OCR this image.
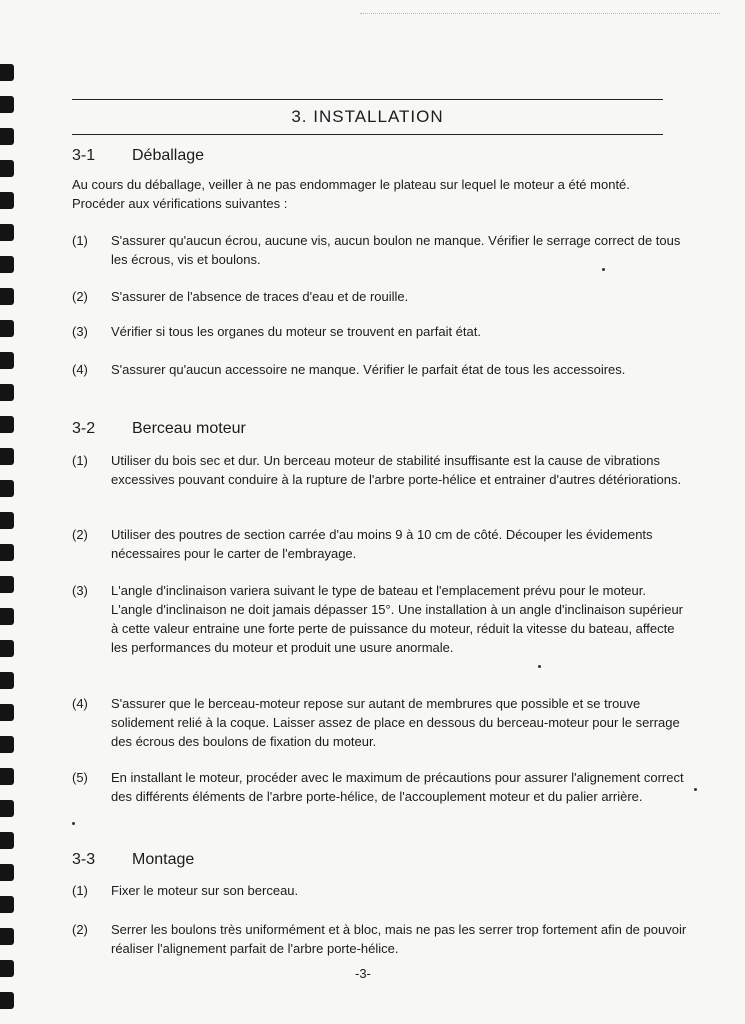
3. INSTALLATION
3-1 Déballage
Au cours du déballage, veiller à ne pas endommager le plateau sur lequel le moteur a été monté. Procéder aux vérifications suivantes :
(1)	S'assurer qu'aucun écrou, aucune vis, aucun boulon ne manque. Vérifier le serrage correct de tous les écrous, vis et boulons.
(2)	S'assurer de l'absence de traces d'eau et de rouille.
(3)	Vérifier si tous les organes du moteur se trouvent en parfait état.
(4)	S'assurer qu'aucun accessoire ne manque. Vérifier le parfait état de tous les accessoires.
3-2 Berceau moteur
(1)	Utiliser du bois sec et dur. Un berceau moteur de stabilité insuffisante est la cause de vibrations excessives pouvant conduire à la rupture de l'arbre porte-hélice et entrainer d'autres détériorations.
(2)	Utiliser des poutres de section carrée d'au moins 9 à 10 cm de côté. Découper les évidements nécessaires pour le carter de l'embrayage.
(3)	L'angle d'inclinaison variera suivant le type de bateau et l'emplacement prévu pour le moteur. L'angle d'inclinaison ne doit jamais dépasser 15°. Une installation à un angle d'inclinaison supérieur à cette valeur entraine une forte perte de puissance du moteur, réduit la vitesse du bateau, affecte les performances du moteur et produit une usure anormale.
(4)	S'assurer que le berceau-moteur repose sur autant de membrures que possible et se trouve solidement relié à la coque. Laisser assez de place en dessous du berceau-moteur pour le serrage des écrous des boulons de fixation du moteur.
(5)	En installant le moteur, procéder avec le maximum de précautions pour assurer l'alignement correct des différents éléments de l'arbre porte-hélice, de l'accouplement moteur et du palier arrière.
3-3 Montage
(1)	Fixer le moteur sur son berceau.
(2)	Serrer les boulons très uniformément et à bloc, mais ne pas les serrer trop fortement afin de pouvoir réaliser l'alignement parfait de l'arbre porte-hélice.
-3-
